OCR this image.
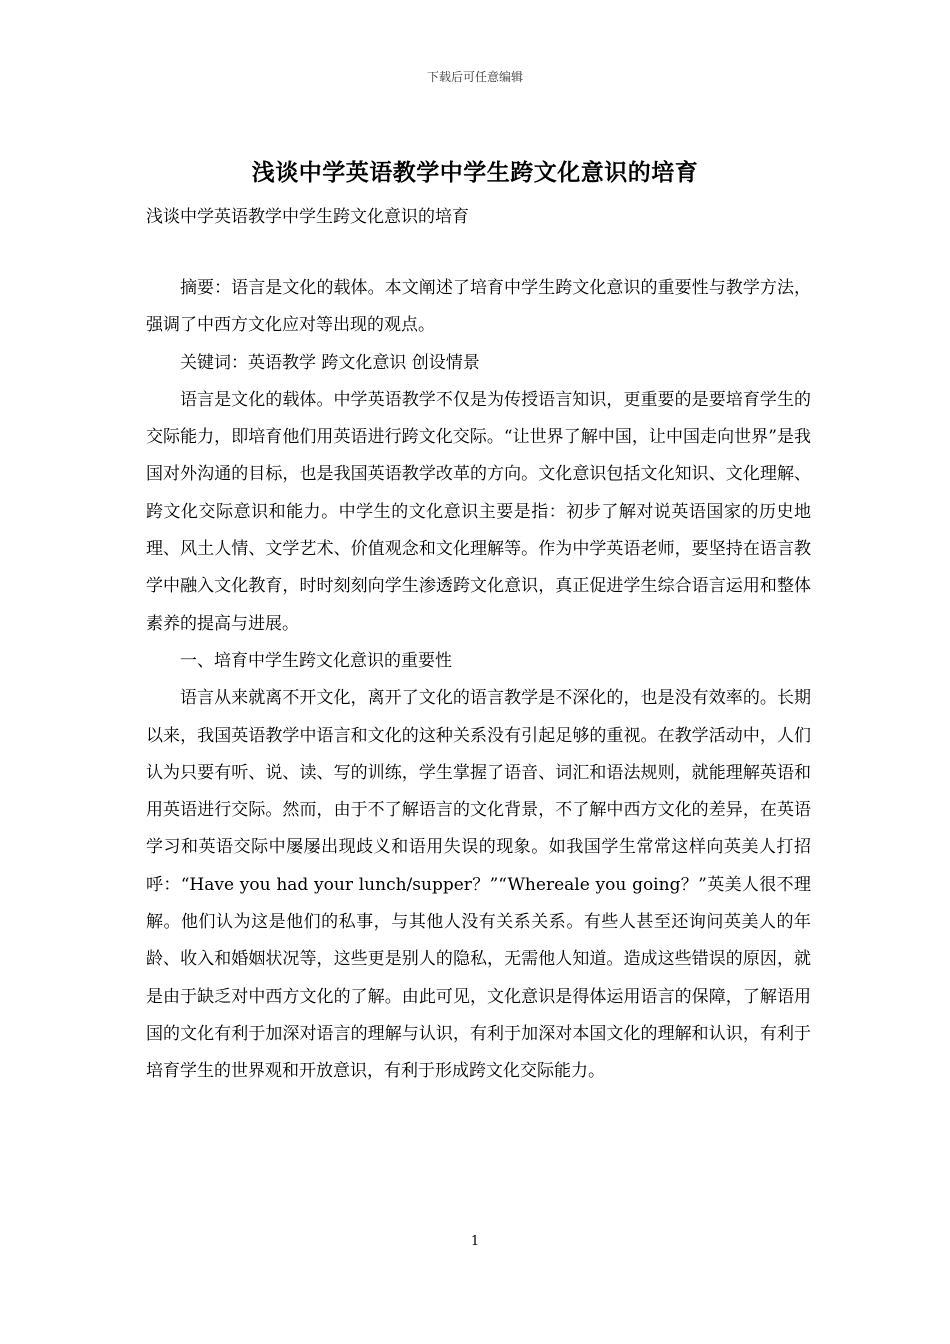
下载后可任意编辑
浅谈中学英语教学中学生跨文化意识的培育
浅谈中学英语教学中学生跨文化意识的培育

摘要：语言是文化的载体。本文阐述了培育中学生跨文化意识的重要性与教学方法，强调了中西方文化应对等出现的观点。

关键词：英语教学 跨文化意识 创设情景

语言是文化的载体。中学英语教学不仅是为传授语言知识，更重要的是要培育学生的交际能力，即培育他们用英语进行跨文化交际。“让世界了解中国，让中国走向世界”是我国对外沟通的目标，也是我国英语教学改革的方向。文化意识包括文化知识、文化理解、跨文化交际意识和能力。中学生的文化意识主要是指：初步了解对说英语国家的历史地理、风土人情、文学艺术、价值观念和文化理解等。作为中学英语老师，要坚持在语言教学中融入文化教育，时时刻刻向学生渗透跨文化意识，真正促进学生综合语言运用和整体素养的提高与进展。

一、培育中学生跨文化意识的重要性

语言从来就离不开文化，离开了文化的语言教学是不深化的，也是没有效率的。长期以来，我国英语教学中语言和文化的这种关系没有引起足够的重视。在教学活动中，人们认为只要有听、说、读、写的训练，学生掌握了语音、词汇和语法规则，就能理解英语和用英语进行交际。然而，由于不了解语言的文化背景，不了解中西方文化的差异，在英语学习和英语交际中屡屡出现歧义和语用失误的现象。如我国学生常常这样向英美人打招呼：“Have you had your lunch/supper？”“Whereale you going？”英美人很不理解。他们认为这是他们的私事，与其他人没有关系关系。有些人甚至还询问英美人的年龄、收入和婚姻状况等，这些更是别人的隐私，无需他人知道。造成这些错误的原因，就是由于缺乏对中西方文化的了解。由此可见，文化意识是得体运用语言的保障，了解语用国的文化有利于加深对语言的理解与认识，有利于加深对本国文化的理解和认识，有利于培育学生的世界观和开放意识，有利于形成跨文化交际能力。

1
